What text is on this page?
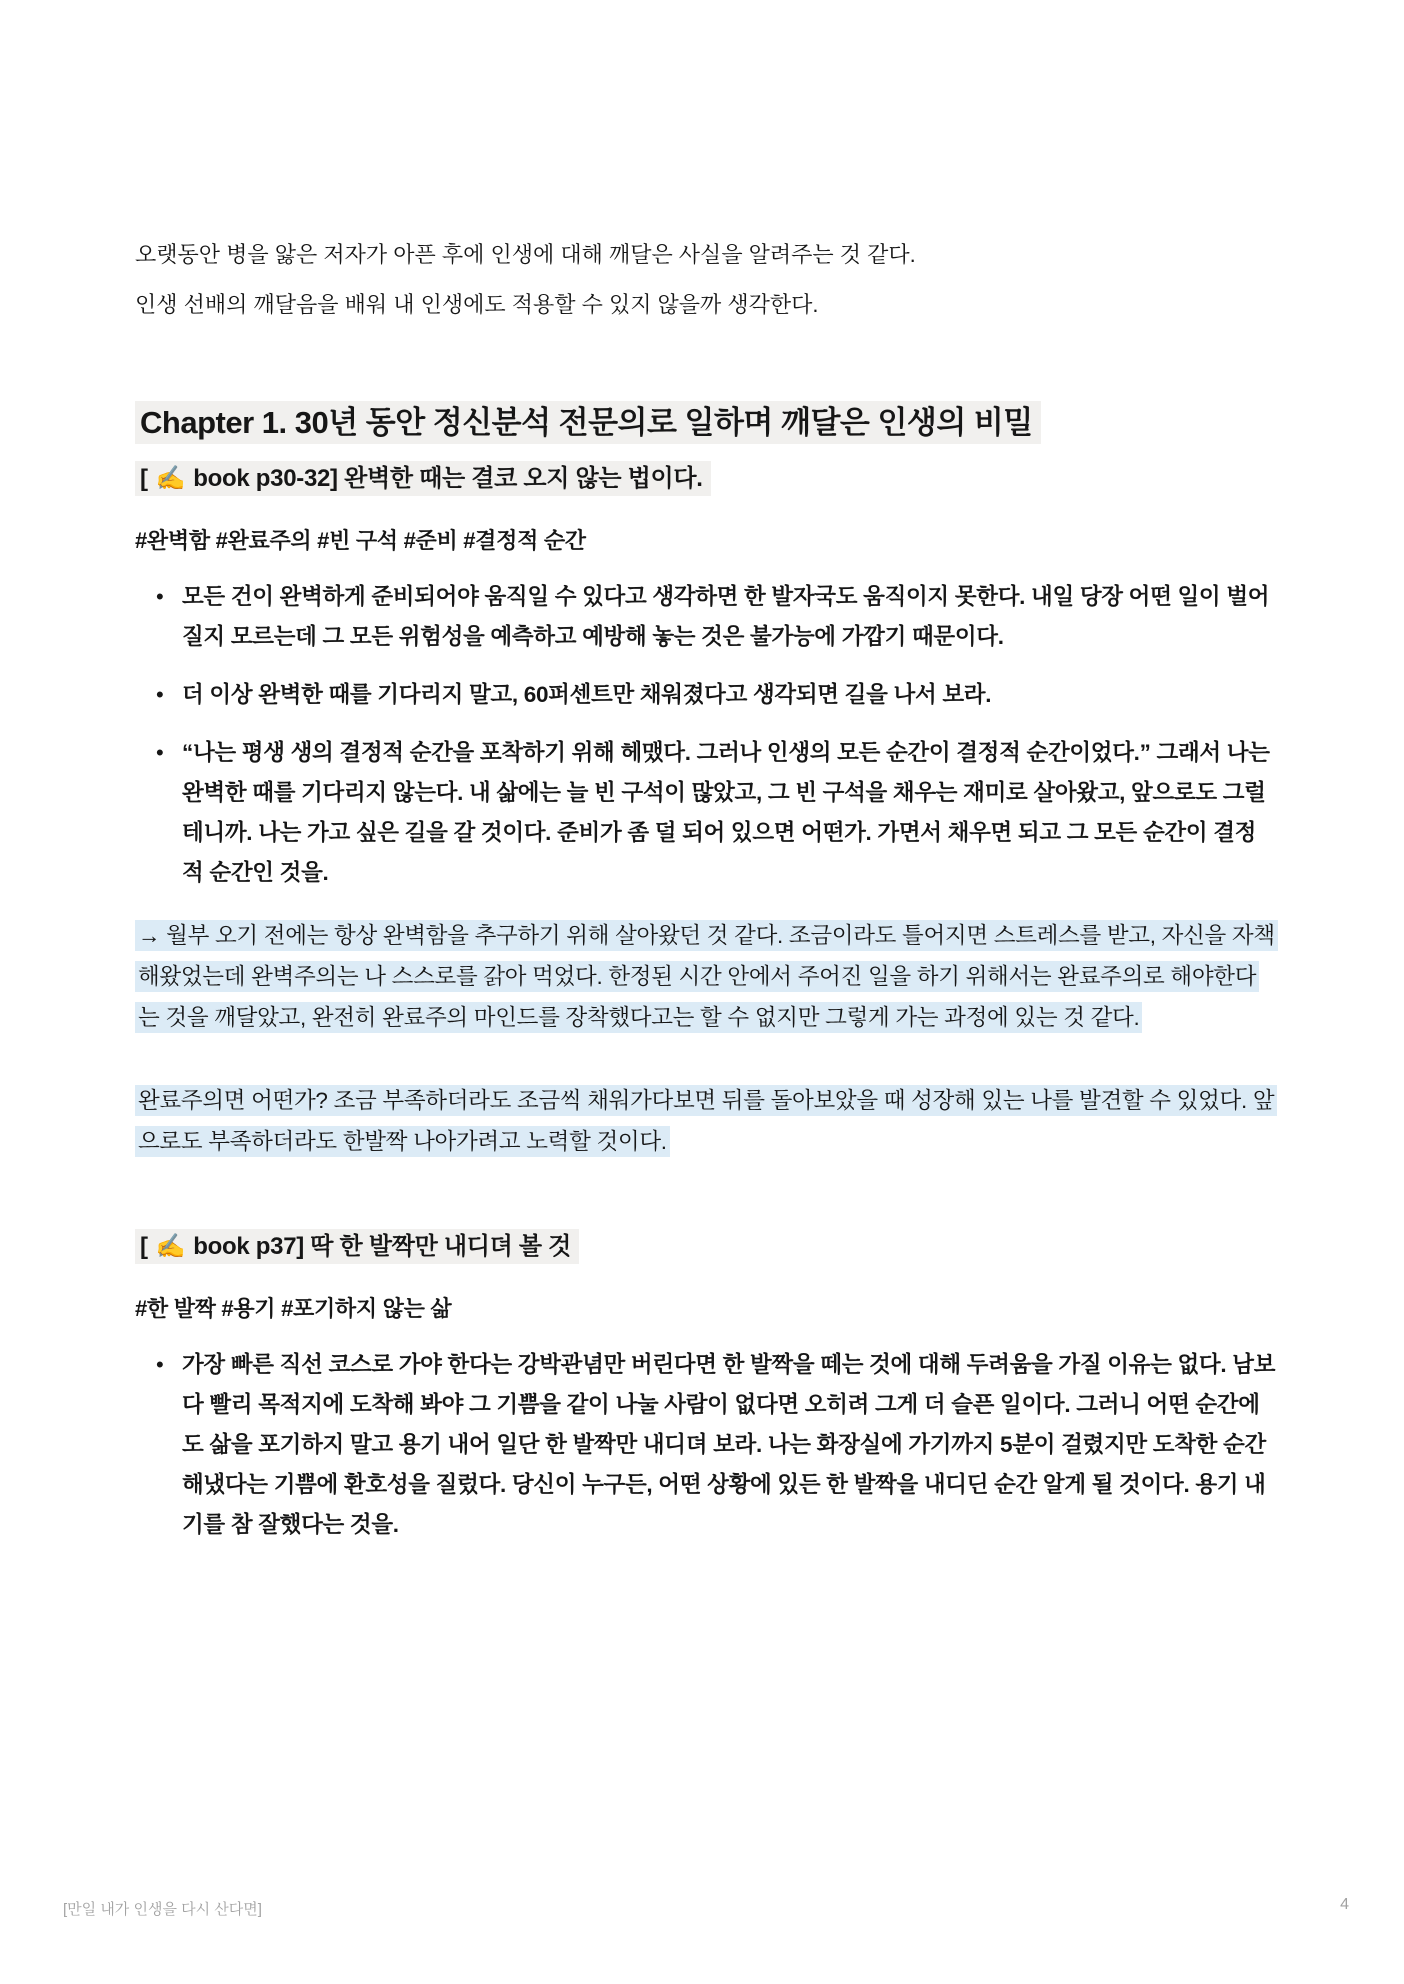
오랫동안 병을 앓은 저자가 아픈 후에 인생에 대해 깨달은 사실을 알려주는 것 같다.

인생 선배의 깨달음을 배워 내 인생에도 적용할 수 있지 않을까 생각한다.

Chapter 1. 30년 동안 정신분석 전문의로 일하며 깨달은 인생의 비밀
[ ✍️ book p30-32] 완벽한 때는 결코 오지 않는 법이다.
#완벽함 #완료주의 #빈 구석 #준비 #결정적 순간
• 모든 건이 완벽하게 준비되어야 움직일 수 있다고 생각하면 한 발자국도 움직이지 못한다. 내일 당장 어떤 일이 벌어질지 모르는데 그 모든 위험성을 예측하고 예방해 놓는 것은 불가능에 가깝기 때문이다.
• 더 이상 완벽한 때를 기다리지 말고, 60퍼센트만 채워졌다고 생각되면 길을 나서 보라.
• “나는 평생 생의 결정적 순간을 포착하기 위해 헤맸다. 그러나 인생의 모든 순간이 결정적 순간이었다.” 그래서 나는 완벽한 때를 기다리지 않는다. 내 삶에는 늘 빈 구석이 많았고, 그 빈 구석을 채우는 재미로 살아왔고, 앞으로도 그럴테니까. 나는 가고 싶은 길을 갈 것이다. 준비가 좀 덜 되어 있으면 어떤가. 가면서 채우면 되고 그 모든 순간이 결정적 순간인 것을.

→ 월부 오기 전에는 항상 완벽함을 추구하기 위해 살아왔던 것 같다. 조금이라도 틀어지면 스트레스를 받고, 자신을 자책해왔었는데 완벽주의는 나 스스로를 갉아 먹었다. 한정된 시간 안에서 주어진 일을 하기 위해서는 완료주의로 해야한다는 것을 깨달았고, 완전히 완료주의 마인드를 장착했다고는 할 수 없지만 그렇게 가는 과정에 있는 것 같다.

완료주의면 어떤가? 조금 부족하더라도 조금씩 채워가다보면 뒤를 돌아보았을 때 성장해 있는 나를 발견할 수 있었다. 앞으로도 부족하더라도 한발짝 나아가려고 노력할 것이다.

[ ✍️ book p37] 딱 한 발짝만 내디뎌 볼 것
#한 발짝 #용기 #포기하지 않는 삶
• 가장 빠른 직선 코스로 가야 한다는 강박관념만 버린다면 한 발짝을 떼는 것에 대해 두려움을 가질 이유는 없다. 남보다 빨리 목적지에 도착해 봐야 그 기쁨을 같이 나눌 사람이 없다면 오히려 그게 더 슬픈 일이다. 그러니 어떤 순간에도 삶을 포기하지 말고 용기 내어 일단 한 발짝만 내디뎌 보라. 나는 화장실에 가기까지 5분이 걸렸지만 도착한 순간 해냈다는 기쁨에 환호성을 질렀다. 당신이 누구든, 어떤 상황에 있든 한 발짝을 내디딘 순간 알게 될 것이다. 용기 내기를 참 잘했다는 것을.
[만일 내가 인생을 다시 산다면]	4
